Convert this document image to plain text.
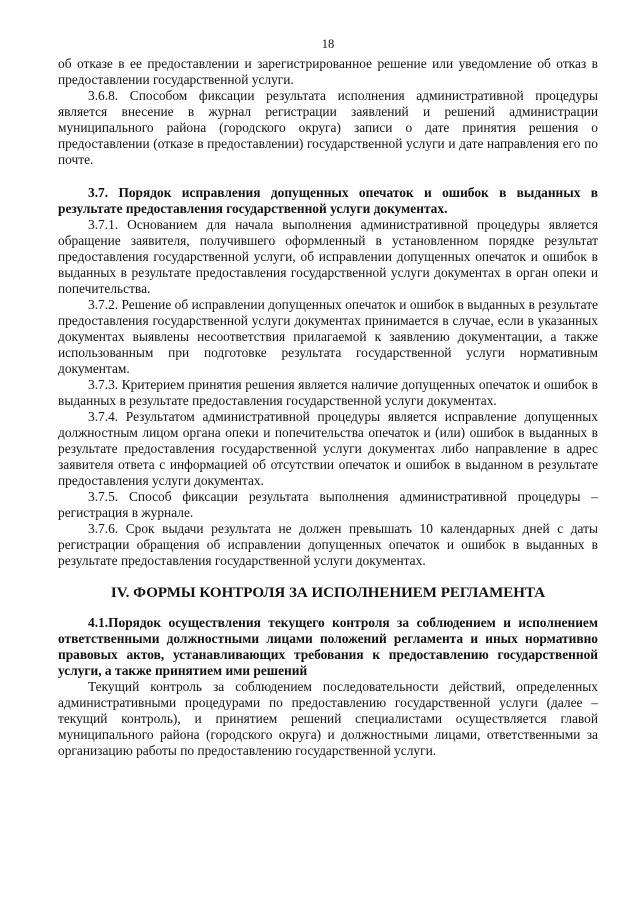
18

об отказе в ее предоставлении и зарегистрированное решение или уведомление об отказ в предоставлении государственной услуги.

3.6.8. Способом фиксации результата исполнения административной процедуры является внесение в журнал регистрации заявлений и решений администрации муниципального района (городского округа) записи о дате принятия решения о предоставлении (отказе в предоставлении) государственной услуги и дате направления его по почте.

3.7. Порядок исправления допущенных опечаток и ошибок в выданных в результате предоставления государственной услуги документах.

3.7.1. Основанием для начала выполнения административной процедуры является обращение заявителя, получившего оформленный в установленном порядке результат предоставления государственной услуги, об исправлении допущенных опечаток и ошибок в выданных в результате предоставления государственной услуги документах в орган опеки и попечительства.

3.7.2. Решение об исправлении допущенных опечаток и ошибок в выданных в результате предоставления государственной услуги документах принимается в случае, если в указанных документах выявлены несоответствия прилагаемой к заявлению документации, а также использованным при подготовке результата государственной услуги нормативным документам.

3.7.3. Критерием принятия решения является наличие допущенных опечаток и ошибок в выданных в результате предоставления государственной услуги документах.

3.7.4. Результатом административной процедуры является исправление допущенных должностным лицом органа опеки и попечительства опечаток и (или) ошибок в выданных в результате предоставления государственной услуги документах либо направление в адрес заявителя ответа с информацией об отсутствии опечаток и ошибок в выданном в результате предоставления услуги документах.

3.7.5. Способ фиксации результата выполнения административной процедуры – регистрация в журнале.

3.7.6. Срок выдачи результата не должен превышать 10 календарных дней с даты регистрации обращения об исправлении допущенных опечаток и ошибок в выданных в результате предоставления государственной услуги документах.

IV. ФОРМЫ КОНТРОЛЯ ЗА ИСПОЛНЕНИЕМ РЕГЛАМЕНТА

4.1.Порядок осуществления текущего контроля за соблюдением и исполнением ответственными должностными лицами положений регламента и иных нормативно правовых актов, устанавливающих требования к предоставлению государственной услуги, а также принятием ими решений

Текущий контроль за соблюдением последовательности действий, определенных административными процедурами по предоставлению государственной услуги (далее – текущий контроль), и принятием решений специалистами осуществляется главой муниципального района (городского округа) и должностными лицами, ответственными за организацию работы по предоставлению государственной услуги.
